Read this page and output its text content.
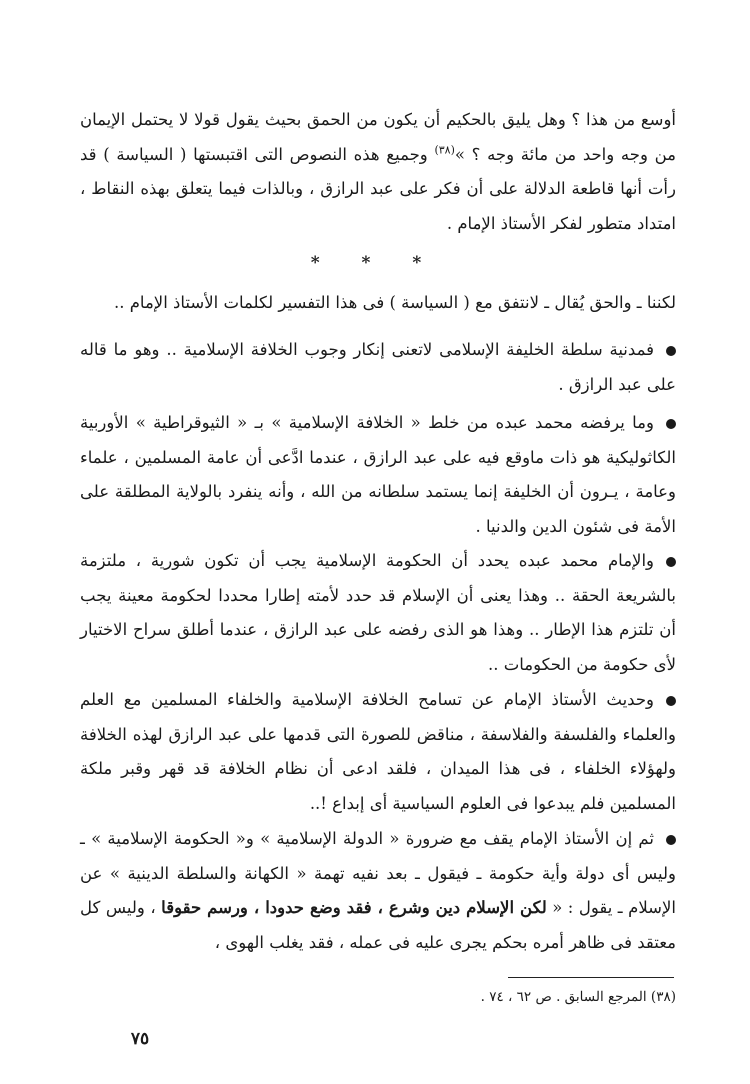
أوسع من هذا ؟ وهل يليق بالحكيم أن يكون من الحمق بحيث يقول قولا لا يحتمل الإيمان من وجه واحد من مائة وجه ؟ »$^{(٣٨)}$ وجميع هذه النصوص التى اقتبستها ( السياسة ) قد رأت أنها قاطعة الدلالة على أن فكر على عبد الرازق ، وبالذات فيما يتعلق بهذه النقاط ، امتداد متطور لفكر الأستاذ الإمام .

* * *

لكننا ـ والحق يُقال ـ لانتفق مع ( السياسة ) فى هذا التفسير لكلمات الأستاذ الإمام ..

فمدنية سلطة الخليفة الإسلامى لاتعنى إنكار وجوب الخلافة الإسلامية .. وهو ما قاله على عبد الرازق .

وما يرفضه محمد عبده من خلط « الخلافة الإسلامية » بـ « الثيوقراطية » الأوربية الكاثوليكية هو ذات ماوقع فيه على عبد الرازق ، عندما ادَّعى أن عامة المسلمين ، علماء وعامة ، يـرون أن الخليفة إنما يستمد سلطانه من الله ، وأنه ينفرد بالولاية المطلقة على الأمة فى شئون الدين والدنيا .

والإمام محمد عبده يحدد أن الحكومة الإسلامية يجب أن تكون شورية ، ملتزمة بالشريعة الحقة .. وهذا يعنى أن الإسلام قد حدد لأمته إطارا محددا لحكومة معينة يجب أن تلتزم هذا الإطار .. وهذا هو الذى رفضه على عبد الرازق ، عندما أطلق سراح الاختيار لأى حكومة من الحكومات ..

وحديث الأستاذ الإمام عن تسامح الخلافة الإسلامية والخلفاء المسلمين مع العلم والعلماء والفلسفة والفلاسفة ، مناقض للصورة التى قدمها على عبد الرازق لهذه الخلافة ولهؤلاء الخلفاء ، فى هذا الميدان ، فلقد ادعى أن نظام الخلافة قد قهر وقبر ملكة المسلمين فلم يبدعوا فى العلوم السياسية أى إبداع !..

ثم إن الأستاذ الإمام يقف مع ضرورة « الدولة الإسلامية » و« الحكومة الإسلامية » ـ وليس أى دولة وأية حكومة ـ فيقول ـ بعد نفيه تهمة « الكهانة والسلطة الدينية » عن الإسلام ـ يقول : « لكن الإسلام دين وشرع ، فقد وضع حدودا ، ورسم حقوقا ، وليس كل معتقد فى ظاهر أمره بحكم يجرى عليه فى عمله ، فقد يغلب الهوى ،

(٣٨) المرجع السابق . ص ٦٢ ، ٧٤ .
٧٥
